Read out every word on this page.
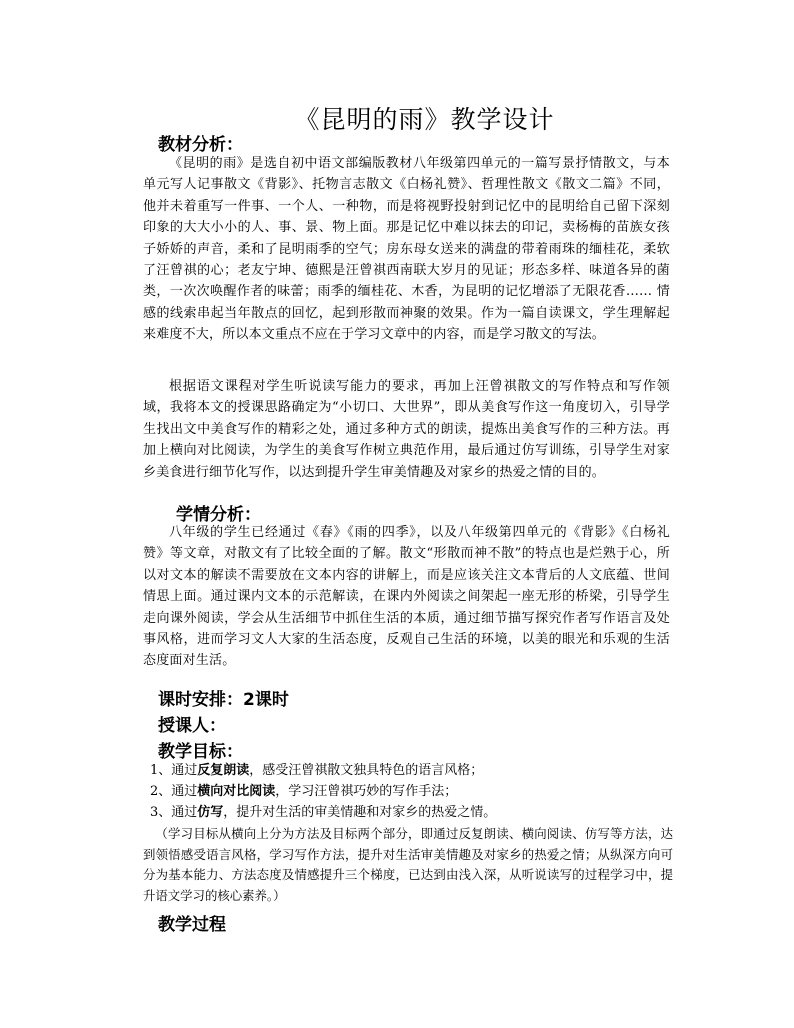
《昆明的雨》教学设计
教材分析：
《昆明的雨》是选自初中语文部编版教材八年级第四单元的一篇写景抒情散文，与本单元写人记事散文《背影》、托物言志散文《白杨礼赞》、哲理性散文《散文二篇》不同，他并未着重写一件事、一个人、一种物，而是将视野投射到记忆中的昆明给自己留下深刻印象的大大小小的人、事、景、物上面。那是记忆中难以抹去的印记，卖杨梅的苗族女孩子娇娇的声音，柔和了昆明雨季的空气；房东母女送来的满盘的带着雨珠的缅桂花，柔软了汪曾祺的心；老友宁坤、德熙是汪曾祺西南联大岁月的见证；形态多样、味道各异的菌类，一次次唤醒作者的味蕾；雨季的缅桂花、木香，为昆明的记忆增添了无限花香…… 情感的线索串起当年散点的回忆，起到形散而神聚的效果。作为一篇自读课文，学生理解起来难度不大，所以本文重点不应在于学习文章中的内容，而是学习散文的写法。
根据语文课程对学生听说读写能力的要求，再加上汪曾祺散文的写作特点和写作领域，我将本文的授课思路确定为“小切口、大世界”，即从美食写作这一角度切入，引导学生找出文中美食写作的精彩之处，通过多种方式的朗读，提炼出美食写作的三种方法。再加上横向对比阅读，为学生的美食写作树立典范作用，最后通过仿写训练，引导学生对家乡美食进行细节化写作，以达到提升学生审美情趣及对家乡的热爱之情的目的。
学情分析：
八年级的学生已经通过《春》《雨的四季》，以及八年级第四单元的《背影》《白杨礼赞》等文章，对散文有了比较全面的了解。散文“形散而神不散”的特点也是烂熟于心，所以对文本的解读不需要放在文本内容的讲解上，而是应该关注文本背后的人文底蕴、世间情思上面。通过课内文本的示范解读，在课内外阅读之间架起一座无形的桥梁，引导学生走向课外阅读，学会从生活细节中抓住生活的本质，通过细节描写探究作者写作语言及处事风格，进而学习文人大家的生活态度，反观自己生活的环境，以美的眼光和乐观的生活态度面对生活。
课时安排：2课时
授课人：
教学目标：
1、通过反复朗读，感受汪曾祺散文独具特色的语言风格；
2、通过横向对比阅读，学习汪曾祺巧妙的写作手法；
3、通过仿写，提升对生活的审美情趣和对家乡的热爱之情。
（学习目标从横向上分为方法及目标两个部分，即通过反复朗读、横向阅读、仿写等方法，达到领悟感受语言风格，学习写作方法，提升对生活审美情趣及对家乡的热爱之情；从纵深方向可分为基本能力、方法态度及情感提升三个梯度，已达到由浅入深，从听说读写的过程学习中，提升语文学习的核心素养。）
教学过程
